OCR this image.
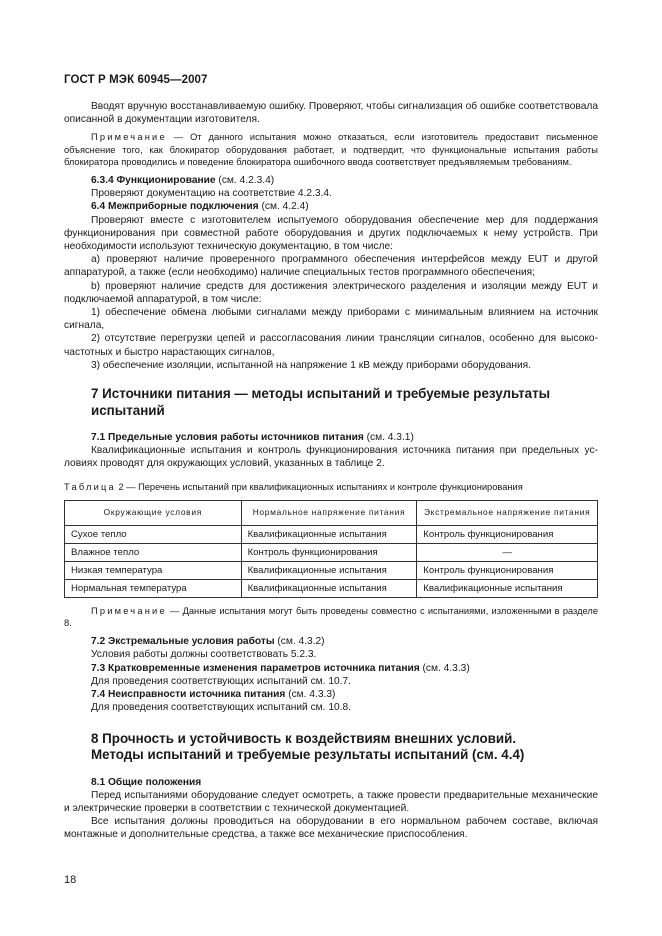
ГОСТ Р МЭК 60945—2007

Вводят вручную восстанавливаемую ошибку. Проверяют, чтобы сигнализация об ошибке соответствовала описанной в документации изготовителя.

Примечание — От данного испытания можно отказаться, если изготовитель предоставит письменное объяснение того, как блокиратор оборудования работает, и подтвердит, что функциональные испытания работы блокиратора проводились и поведение блокиратора ошибочного ввода соответствует предъявляемым требованиям.

6.3.4 Функционирование (см. 4.2.3.4)

Проверяют документацию на соответствие 4.2.3.4.

6.4 Межприборные подключения (см. 4.2.4)

Проверяют вместе с изготовителем испытуемого оборудования обеспечение мер для поддержания функционирования при совместной работе оборудования и других подключаемых к нему устройств. При необходимости используют техническую документацию, в том числе:

a) проверяют наличие проверенного программного обеспечения интерфейсов между EUT и другой аппаратурой, а также (если необходимо) наличие специальных тестов программного обеспечения;

b) проверяют наличие средств для достижения электрического разделения и изоляции между EUT и подключаемой аппаратурой, в том числе:

1) обеспечение обмена любыми сигналами между приборами с минимальным влиянием на источник сигнала,

2) отсутствие перегрузки цепей и рассогласования линии трансляции сигналов, особенно для высокочастотных и быстро нарастающих сигналов,

3) обеспечение изоляции, испытанной на напряжение 1 кВ между приборами оборудования.

7 Источники питания — методы испытаний и требуемые результаты испытаний

7.1 Предельные условия работы источников питания (см. 4.3.1)

Квалификационные испытания и контроль функционирования источника питания при предельных условиях проводят для окружающих условий, указанных в таблице 2.

Таблица 2 — Перечень испытаний при квалификационных испытаниях и контроле функционирования

Окружающие условия	Нормальное напряжение питания	Экстремальное напряжение питания
Сухое тепло	Квалификационные испытания	Контроль функционирования
Влажное тепло	Контроль функционирования	—
Низкая температура	Квалификационные испытания	Контроль функционирования
Нормальная температура	Квалификационные испытания	Квалификационные испытания

Примечание — Данные испытания могут быть проведены совместно с испытаниями, изложенными в разделе 8.

7.2 Экстремальные условия работы (см. 4.3.2)

Условия работы должны соответствовать 5.2.3.

7.3 Кратковременные изменения параметров источника питания (см. 4.3.3)

Для проведения соответствующих испытаний см. 10.7.

7.4 Неисправности источника питания (см. 4.3.3)

Для проведения соответствующих испытаний см. 10.8.

8 Прочность и устойчивость к воздействиям внешних условий.

Методы испытаний и требуемые результаты испытаний (см. 4.4)

8.1 Общие положения

Перед испытаниями оборудование следует осмотреть, а также провести предварительные механические и электрические проверки в соответствии с технической документацией.

Все испытания должны проводиться на оборудовании в его нормальном рабочем составе, включая монтажные и дополнительные средства, а также все механические приспособления.

18
